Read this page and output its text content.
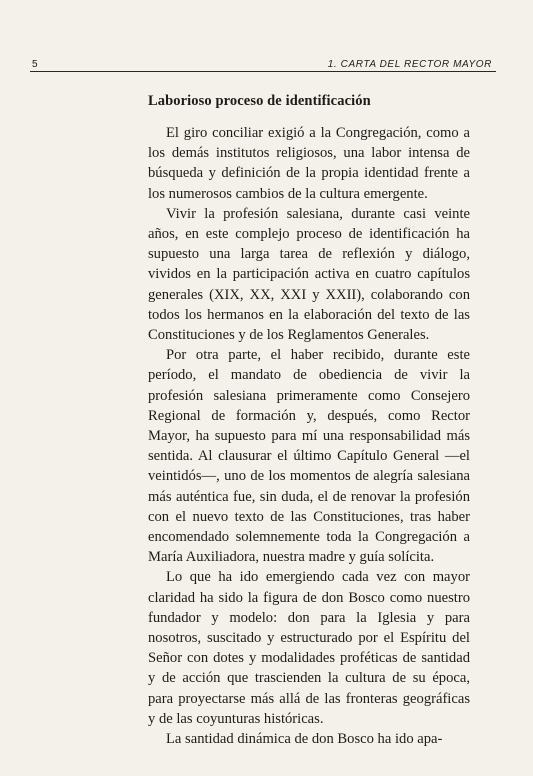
5	1. CARTA DEL RECTOR MAYOR
Laborioso proceso de identificación

El giro conciliar exigió a la Congregación, como a los demás institutos religiosos, una labor intensa de búsqueda y definición de la propia identidad frente a los numerosos cambios de la cultura emergente.

Vivir la profesión salesiana, durante casi veinte años, en este complejo proceso de identificación ha supuesto una larga tarea de reflexión y diálogo, vividos en la participación activa en cuatro capítulos generales (XIX, XX, XXI y XXII), colaborando con todos los hermanos en la elaboración del texto de las Constituciones y de los Reglamentos Generales.

Por otra parte, el haber recibido, durante este período, el mandato de obediencia de vivir la profesión salesiana primeramente como Consejero Regional de formación y, después, como Rector Mayor, ha supuesto para mí una responsabilidad más sentida. Al clausurar el último Capítulo General —el veintidós—, uno de los momentos de alegría salesiana más auténtica fue, sin duda, el de renovar la profesión con el nuevo texto de las Constituciones, tras haber encomendado solemnemente toda la Congregación a María Auxiliadora, nuestra madre y guía solícita.

Lo que ha ido emergiendo cada vez con mayor claridad ha sido la figura de don Bosco como nuestro fundador y modelo: don para la Iglesia y para nosotros, suscitado y estructurado por el Espíritu del Señor con dotes y modalidades proféticas de santidad y de acción que trascienden la cultura de su época, para proyectarse más allá de las fronteras geográficas y de las coyunturas históricas.

La santidad dinámica de don Bosco ha ido apa-
